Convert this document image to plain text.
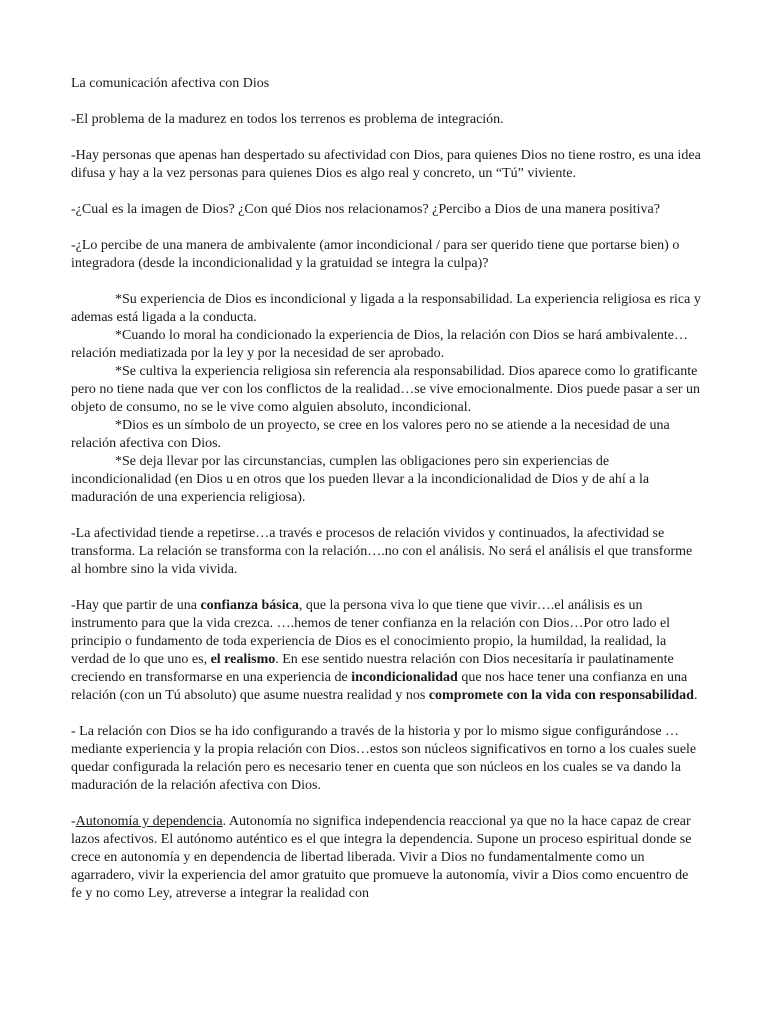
La comunicación afectiva con Dios

-El problema de la madurez en todos los terrenos es problema de integración.

-Hay personas que apenas han despertado su afectividad con Dios, para quienes Dios no tiene rostro, es una idea difusa y hay a la vez personas para quienes Dios es algo real y concreto, un “Tú” viviente.

-¿Cual es la imagen de Dios? ¿Con qué Dios nos relacionamos? ¿Percibo a Dios de una manera positiva?

-¿Lo percibe de una manera de ambivalente (amor incondicional / para ser querido tiene que portarse bien) o integradora (desde la incondicionalidad y la gratuidad se integra la culpa)?

*Su experiencia de Dios es incondicional y ligada a la responsabilidad. La experiencia religiosa es rica y ademas está ligada a la conducta.

*Cuando lo moral ha condicionado la experiencia de Dios, la relación con Dios se hará ambivalente…relación mediatizada por la ley y por la necesidad de ser aprobado.

*Se cultiva la experiencia religiosa sin referencia ala responsabilidad. Dios aparece como lo gratificante pero no tiene nada que ver con los conflictos de la realidad…se vive emocionalmente. Dios puede pasar a ser un objeto de consumo, no se le vive como alguien absoluto, incondicional.

*Dios es un símbolo de un proyecto, se cree en los valores pero no se atiende a la necesidad de una relación afectiva con Dios.

*Se deja llevar por las circunstancias, cumplen las obligaciones pero sin experiencias de incondicionalidad (en Dios u en otros que los pueden llevar a la incondicionalidad de Dios y de ahí a la maduración de una experiencia religiosa).

-La afectividad tiende a repetirse…a través e procesos de relación vividos y continuados, la afectividad se transforma. La relación se transforma con la relación….no con el análisis. No será el análisis el que transforme al hombre sino la vida vivida.

-Hay que partir de una confianza básica, que la persona viva lo que tiene que vivir….el análisis es un instrumento para que la vida crezca. ….hemos de tener confianza en la relación con Dios…Por otro lado el principio o fundamento de toda experiencia de Dios es el conocimiento propio, la humildad, la realidad, la verdad de lo que uno es, el realismo. En ese sentido nuestra relación con Dios necesitaría ir paulatinamente creciendo en transformarse en una experiencia de incondicionalidad que nos hace tener una confianza en una relación (con un Tú absoluto) que asume nuestra realidad y nos compromete con la vida con responsabilidad.

- La relación con Dios se ha ido configurando a través de la historia y por lo mismo sigue configurándose … mediante experiencia y la propia relación con Dios…estos son núcleos significativos en torno a los cuales suele quedar configurada la relación pero es necesario tener en cuenta que son núcleos en los cuales se va dando la maduración de la relación afectiva con Dios.

-Autonomía y dependencia. Autonomía no significa independencia reaccional ya que no la hace capaz de crear lazos afectivos. El autónomo auténtico es el que integra la dependencia. Supone un proceso espiritual donde se crece en autonomía y en dependencia de libertad liberada. Vivir a Dios no fundamentalmente como un agarradero, vivir la experiencia del amor gratuito que promueve la autonomía, vivir a Dios como encuentro de fe y no como Ley, atreverse a integrar la realidad con
